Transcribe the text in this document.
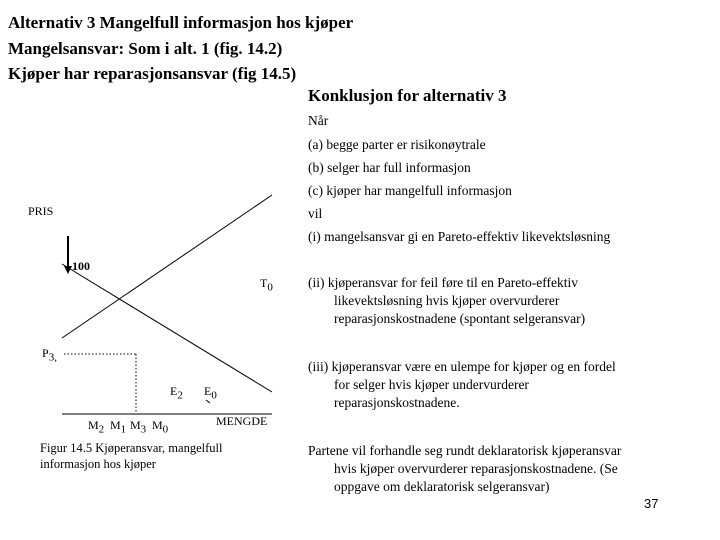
Alternativ 3 Mangelfull informasjon hos kjøper
Mangelsansvar: Som i alt. 1 (fig. 14.2)
Kjøper har reparasjonsansvar (fig 14.5)
Konklusjon for alternativ 3
Når
(a) begge parter er risikonøytrale
(b) selger har full informasjon
(c) kjøper har mangelfull informasjon
vil
(i) mangelsansvar gi en Pareto-effektiv likevektsløsning
(ii) kjøperansvar for feil føre til en Pareto-effektiv
likevektsløsning hvis kjøper overvurderer
reparasjonskostnadene (spontant selgeransvar)
(iii) kjøperansvar være en ulempe for kjøper og en fordel
for selger hvis kjøper undervurderer
reparasjonskostnadene.
Partene vil forhandle seg rundt deklaratorisk kjøperansvar
hvis kjøper overvurderer reparasjonskostnadene. (Se
oppgave om deklaratorisk selgeransvar)
37
PRIS
100
$T_0$
$P_{3,}$
$E_2$ $E_0$
$M_2$ $M_1$ $M_3$ $M_0$
MENGDE
Figur 14.5 Kjøperansvar, mangelfull
informasjon hos kjøper
